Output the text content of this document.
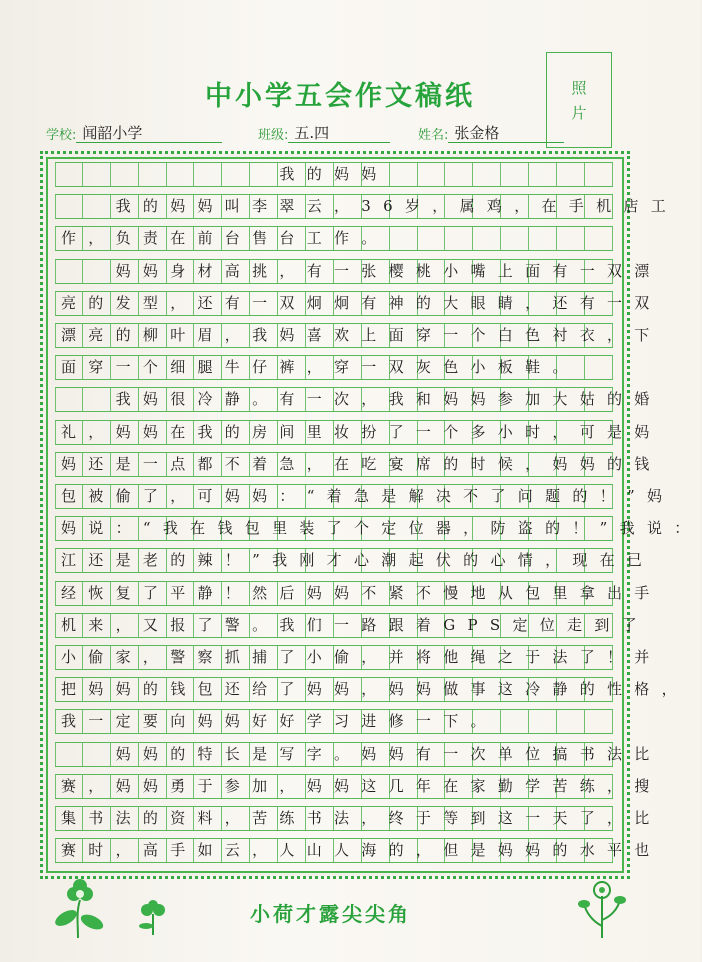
中小学五会作文稿纸	照
片
学校: 闻韶小学	班级: 五.四	姓名: 张金格
　　　　　　　　我的妈妈
　　我的妈妈叫李翠云，36岁，属鸡，在手机店工
作，负责在前台售台工作。
　　妈妈身材高挑，有一张樱桃小嘴上面有一双漂
亮的发型，还有一双炯炯有神的大眼睛，还有一双
漂亮的柳叶眉，我妈喜欢上面穿一个白色衬衣，下
面穿一个细腿牛仔裤，穿一双灰色小板鞋。
　　我妈很冷静。有一次，我和妈妈参加大姑的婚
礼，妈妈在我的房间里妆扮了一个多小时，可是妈
妈还是一点都不着急，在吃宴席的时候，妈妈的钱
包被偷了，可妈妈：“着急是解决不了问题的！”妈
妈说：“我在钱包里装了个定位器，防盗的！”我说：
江还是老的辣！”我刚才心潮起伏的心情，现在已
经恢复了平静！然后妈妈不紧不慢地从包里拿出手
机来，又报了警。我们一路跟着GPS定位走到了
小偷家，警察抓捕了小偷，并将他绳之于法了！并
把妈妈的钱包还给了妈妈，妈妈做事这冷静的性格，
我一定要向妈妈好好学习进修一下。
　　妈妈的特长是写字。妈妈有一次单位搞书法比
赛，妈妈勇于参加，妈妈这几年在家勤学苦练，搜
集书法的资料，苦练书法，终于等到这一天了，比
赛时，高手如云，人山人海的，但是妈妈的水平也
小荷才露尖尖角
